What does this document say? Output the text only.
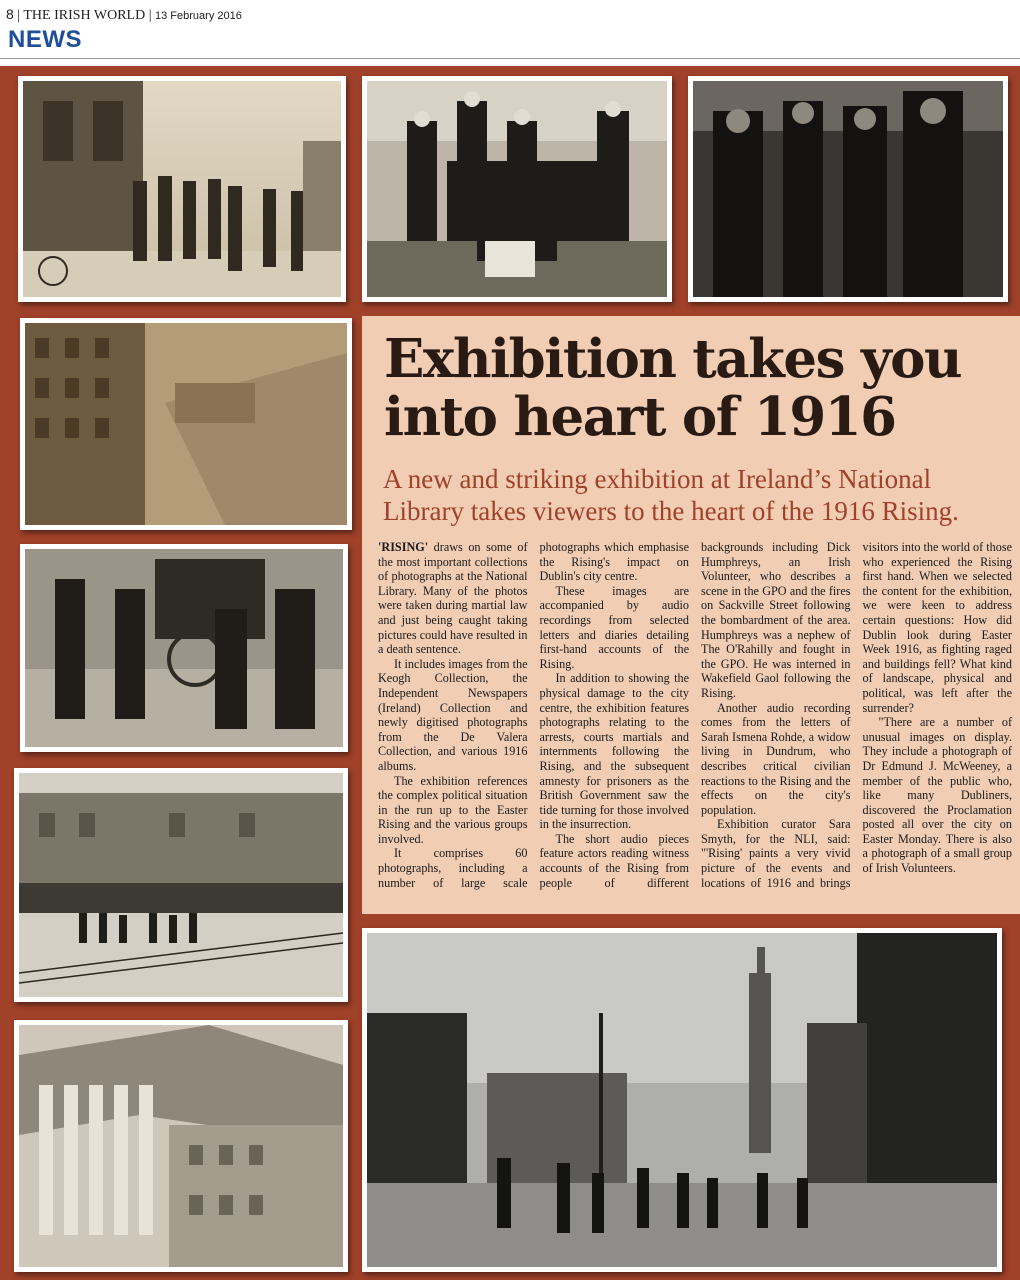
8 | THE IRISH WORLD | 13 February 2016
NEWS
Exhibition takes you
into heart of 1916

A new and striking exhibition at Ireland’s National Library takes viewers to the heart of the 1916 Rising.

'RISING' draws on some of the most important collections of photographs at the National Library. Many of the photos were taken during martial law and just being caught taking pictures could have resulted in a death sentence.

It includes images from the Keogh Collection, the Independent Newspapers (Ireland) Collection and newly digitised photographs from the De Valera Collection, and various 1916 albums.

The exhibition references the complex political situation in the run up to the Easter Rising and the various groups involved.

It comprises 60 photographs, including a number of large scale photographs which emphasise the Rising's impact on Dublin's city centre.

These images are accompanied by audio recordings from selected letters and diaries detailing first-hand accounts of the Rising.

In addition to showing the physical damage to the city centre, the exhibition features photographs relating to the arrests, courts martials and internments following the Rising, and the subsequent amnesty for prisoners as the British Government saw the tide turning for those involved in the insurrection.

The short audio pieces feature actors reading witness accounts of the Rising from people of different backgrounds including Dick Humphreys, an Irish Volunteer, who describes a scene in the GPO and the fires on Sackville Street following the bombardment of the area. Humphreys was a nephew of The O'Rahilly and fought in the GPO. He was interned in Wakefield Gaol following the Rising.

Another audio recording comes from the letters of Sarah Ismena Rohde, a widow living in Dundrum, who describes critical civilian reactions to the Rising and the effects on the city's population.

Exhibition curator Sara Smyth, for the NLI, said: "'Rising' paints a very vivid picture of the events and locations of 1916 and brings visitors into the world of those who experienced the Rising first hand. When we selected the content for the exhibition, we were keen to address certain questions: How did Dublin look during Easter Week 1916, as fighting raged and buildings fell? What kind of landscape, physical and political, was left after the surrender?

"There are a number of unusual images on display. They include a photograph of Dr Edmund J. McWeeney, a member of the public who, like many Dubliners, discovered the Proclamation posted all over the city on Easter Monday. There is also a photograph of a small group of Irish Volunteers.
